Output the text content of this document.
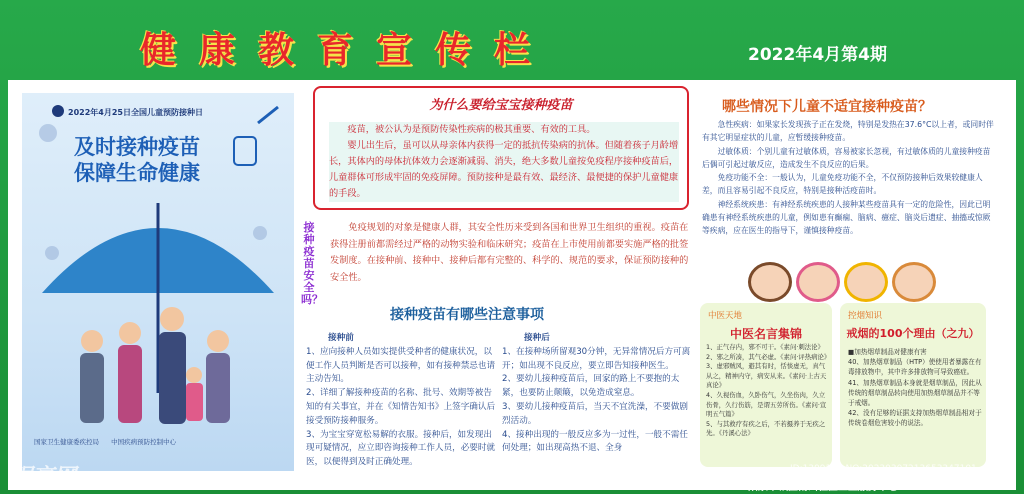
健康教育宣传栏	2022年4月第4期
2022年4月25日全国儿童预防接种日
及时接种疫苗
保障生命健康
国家卫生健康委疾控局 中国疾病预防控制中心
为什么要给宝宝接种疫苗

疫苗，被公认为是预防传染性疾病的极其重要、有效的工具。

婴儿出生后，虽可以从母亲体内获得一定的抵抗传染病的抗体。但随着孩子月龄增长，其体内的母体抗体效力会逐渐减弱、消失，绝大多数儿童按免疫程序接种疫苗后，儿童群体可形成牢固的免疫屏障。预防接种是最有效、最经济、最便捷的保护儿童健康的手段。

接种疫苗安全吗？

免疫规划的对象是健康人群，其安全性历来受到各国和世界卫生组织的重视。疫苗在获得注册前都需经过严格的动物实验和临床研究；疫苗在上市使用前都要实施严格的批签发制度。在接种前、接种中、接种后都有完整的、科学的、规范的要求，保证预防接种的安全性。

接种疫苗有哪些注意事项
接种前
1、应向接种人员如实提供受种者的健康状况，以便工作人员判断是否可以接种，如有接种禁忌也请主动告知。
2、详细了解接种疫苗的名称、批号、效期等被告知的有关事宜，并在《知情告知书》上签字确认后接受预防接种服务。
3、为宝宝穿宽松易解的衣服。接种后，如发现出现可疑情况，应立即咨询接种工作人员，必要时就医，以便得到及时正确处理。
接种后
1、在接种场所留观30分钟，无异常情况后方可离开；如出现不良反应，要立即告知接种医生。
2、要幼儿接种疫苗后，回家的路上不要抱的太紧，也要防止颠簸，以免造成窒息。
3、要幼儿接种疫苗后，当天不宜洗澡，不要做剧烈活动。
4、接种出现的一般反应多为一过性，一般不需任何处理；如出现高热不退、全身
哪些情况下儿童不适宜接种疫苗？

急性疾病：如果家长发现孩子正在发烧，特别是发热在37.6°C以上者，或同时伴有其它明显症状的儿童，应暂缓接种疫苗。

过敏体质：个别儿童有过敏体质，容易被家长忽视，有过敏体质的儿童接种疫苗后偶可引起过敏反应，造成发生不良反应的后果。

免疫功能不全：一般认为，儿童免疫功能不全，不仅预防接种后效果较健康人差，而且容易引起不良反应，特别是接种活疫苗时。

神经系统疾患：有神经系统疾患的人接种某些疫苗具有一定的危险性，因此已明确患有神经系统疾患的儿童，例如患有癫痫、脑病、癔症、脑炎后遗症、抽搐或惊厥等疾病，应在医生的指导下，谨慎接种疫苗。

中医天地
中医名言集锦
1、正气存内，邪不可干。《素问·刺法论》
2、邪之所凑，其气必虚。《素问·评热病论》
3、虚邪贼风，避其有时，恬惔虚无，真气从之，精神内守，病安从来。《素问·上古天真论》
4、久视伤血，久卧伤气，久坐伤肉，久立伤骨，久行伤筋，是谓五劳所伤。《素问·宣明五气篇》
5、与其救疗有疾之后，不若摄养于无疾之先。《丹溪心法》
控烟知识
戒烟的100个理由（之九）
■加热烟草制品对健康有害
40、加热烟草制品（HTP）使使用者暴露在有毒排放物中，其中许多排放物可导致癌症。
41、加热烟草制品本身就是烟草制品，因此从传统的烟草制品转向使用加热烟草制品并不等于戒烟。
42、没有足够的证据支持加热烟草制品相对于传统卷烟危害较小的说法。
阳泉市城区南山社区卫生服务中心
昵享网	www.nipic.com
ID:1399159 NO:20230307213653347101
